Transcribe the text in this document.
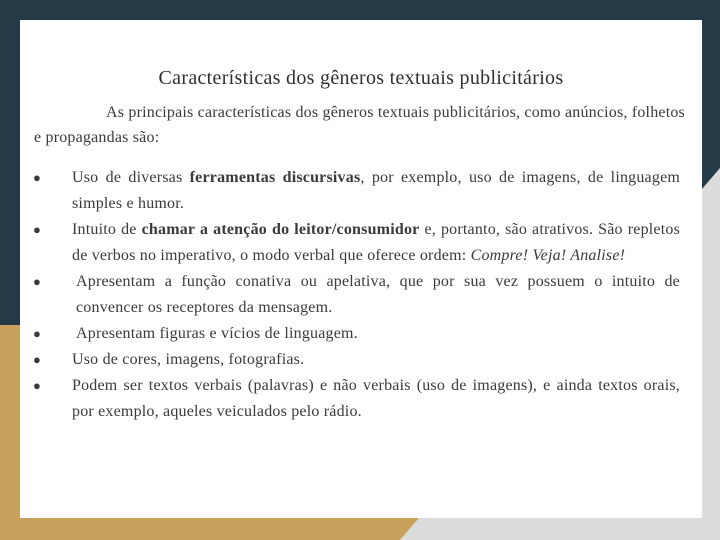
Características dos gêneros textuais publicitários
As principais características dos gêneros textuais publicitários, como anúncios, folhetos e propagandas são:
● Uso de diversas ferramentas discursivas, por exemplo, uso de imagens, de linguagem simples e humor.
● Intuito de chamar a atenção do leitor/consumidor e, portanto, são atrativos. São repletos de verbos no imperativo, o modo verbal que oferece ordem: Compre! Veja! Analise!
● Apresentam a função conativa ou apelativa, que por sua vez possuem o intuito de convencer os receptores da mensagem.
● Apresentam figuras e vícios de linguagem.
● Uso de cores, imagens, fotografias.
● Podem ser textos verbais (palavras) e não verbais (uso de imagens), e ainda textos orais, por exemplo, aqueles veiculados pelo rádio.
